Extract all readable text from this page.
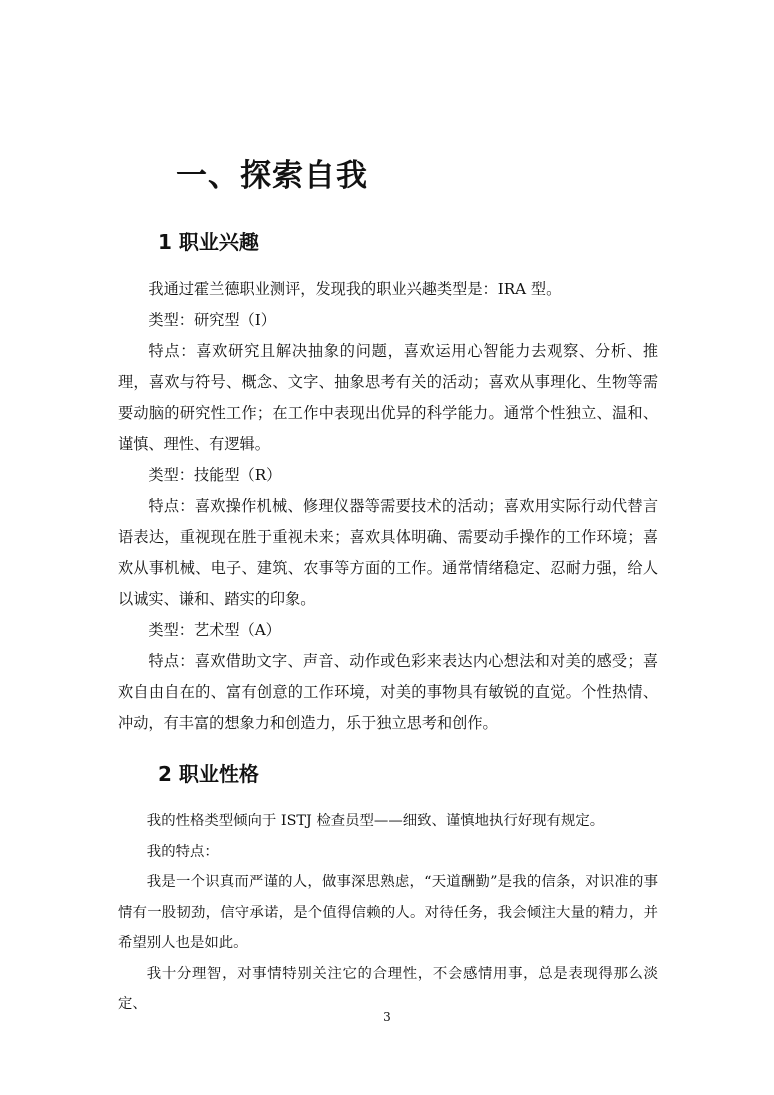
一、探索自我
1 职业兴趣

我通过霍兰德职业测评，发现我的职业兴趣类型是：IRA 型。

类型：研究型（I）

特点：喜欢研究且解决抽象的问题，喜欢运用心智能力去观察、分析、推理，喜欢与符号、概念、文字、抽象思考有关的活动；喜欢从事理化、生物等需要动脑的研究性工作；在工作中表现出优异的科学能力。通常个性独立、温和、谨慎、理性、有逻辑。

类型：技能型（R）

特点：喜欢操作机械、修理仪器等需要技术的活动；喜欢用实际行动代替言语表达，重视现在胜于重视未来；喜欢具体明确、需要动手操作的工作环境；喜欢从事机械、电子、建筑、农事等方面的工作。通常情绪稳定、忍耐力强，给人以诚实、谦和、踏实的印象。

类型：艺术型（A）

特点：喜欢借助文字、声音、动作或色彩来表达内心想法和对美的感受；喜欢自由自在的、富有创意的工作环境，对美的事物具有敏锐的直觉。个性热情、冲动，有丰富的想象力和创造力，乐于独立思考和创作。

2 职业性格

我的性格类型倾向于 ISTJ 检查员型——细致、谨慎地执行好现有规定。

我的特点：

我是一个识真而严谨的人，做事深思熟虑，“天道酬勤”是我的信条，对识准的事情有一股韧劲，信守承诺，是个值得信赖的人。对待任务，我会倾注大量的精力，并希望别人也是如此。

我十分理智，对事情特别关注它的合理性，不会感情用事，总是表现得那么淡定、

3
